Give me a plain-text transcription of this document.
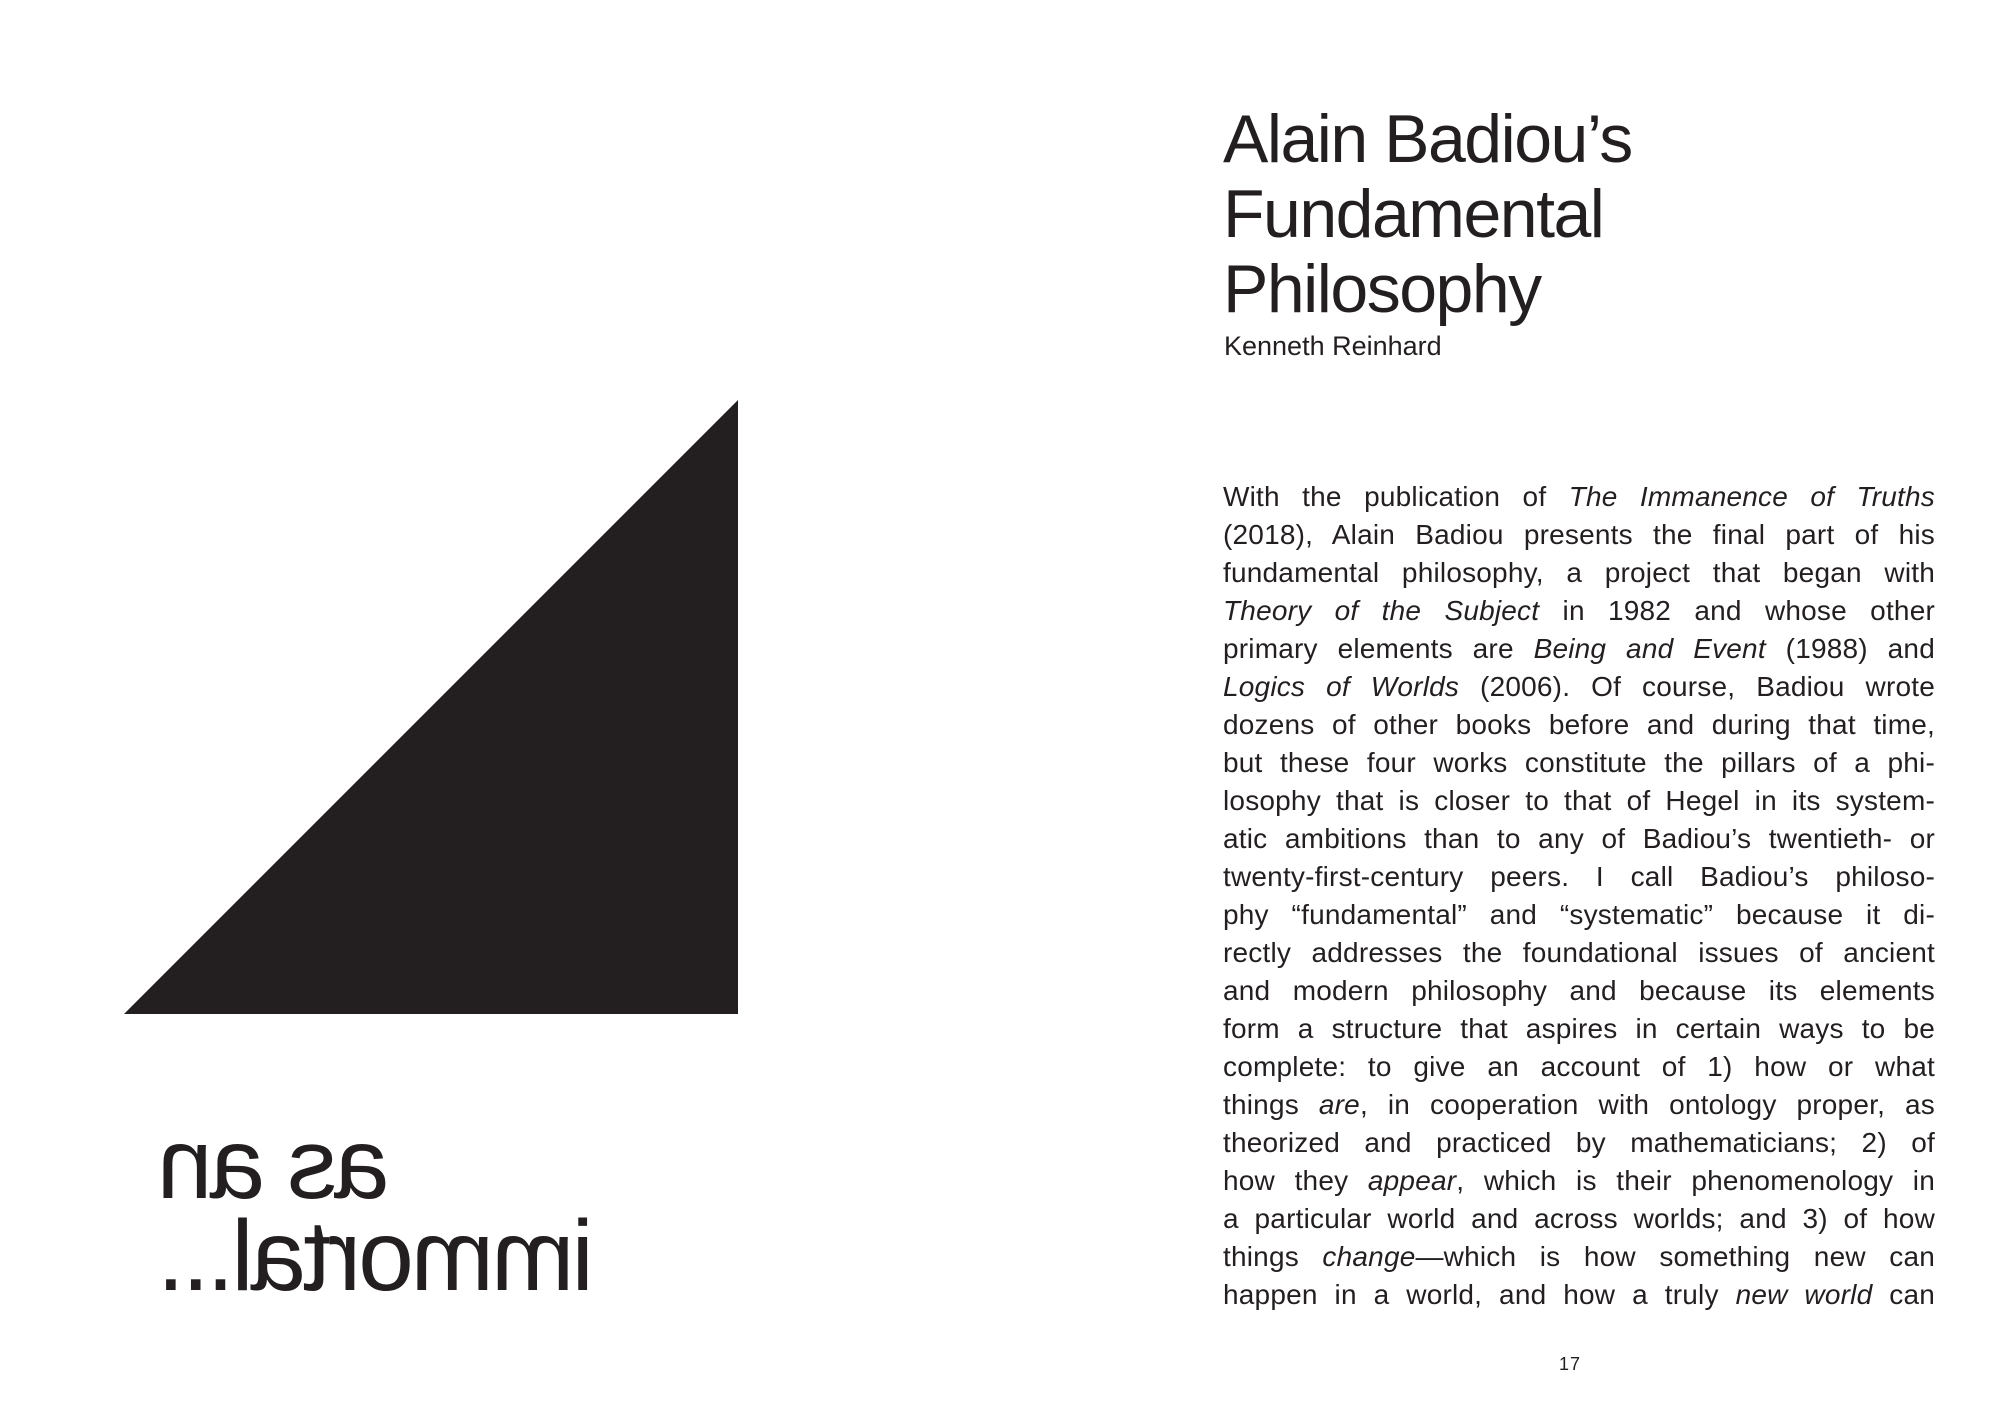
as an
immortal...
Alain Badiou’s
Fundamental
Philosophy
Kenneth Reinhard
With the publication of The Immanence of Truths
(2018), Alain Badiou presents the final part of his
fundamental philosophy, a project that began with
Theory of the Subject in 1982 and whose other
primary elements are Being and Event (1988) and
Logics of Worlds (2006). Of course, Badiou wrote
dozens of other books before and during that time,
but these four works constitute the pillars of a phi-
losophy that is closer to that of Hegel in its system-
atic ambitions than to any of Badiou’s twentieth- or
twenty-first-century peers. I call Badiou’s philoso-
phy “fundamental” and “systematic” because it di-
rectly addresses the foundational issues of ancient
and modern philosophy and because its elements
form a structure that aspires in certain ways to be
complete: to give an account of 1) how or what
things are, in cooperation with ontology proper, as
theorized and practiced by mathematicians; 2) of
how they appear, which is their phenomenology in
a particular world and across worlds; and 3) of how
things change—which is how something new can
happen in a world, and how a truly new world can
17
